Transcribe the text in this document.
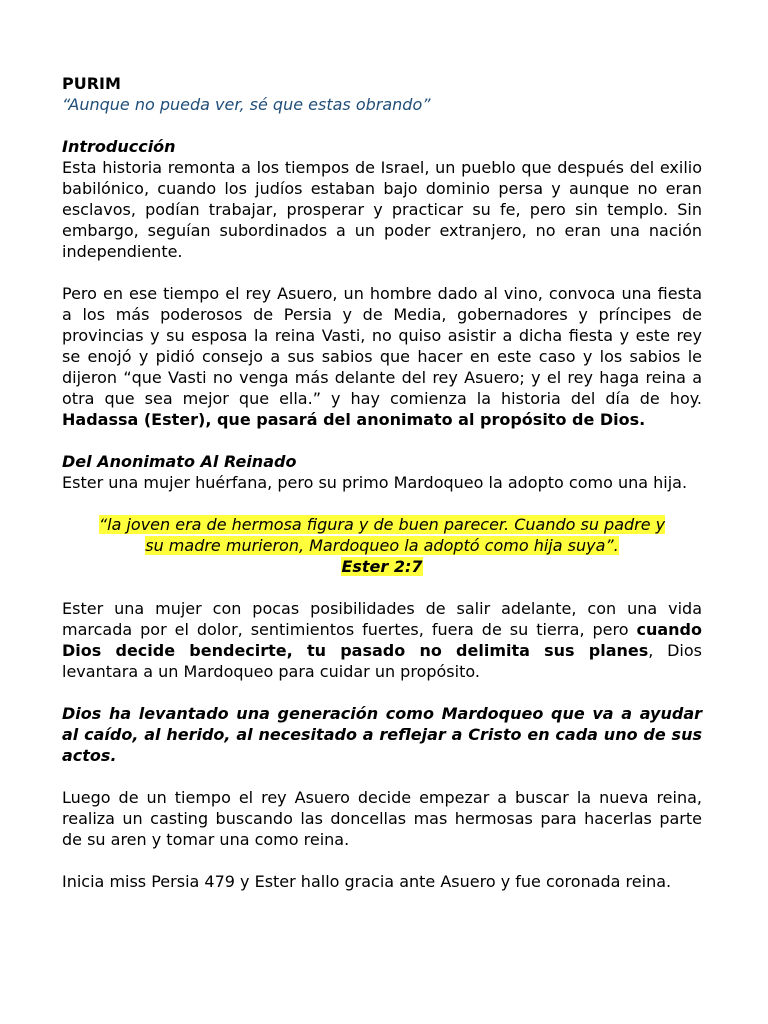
PURIM

“Aunque no pueda ver, sé que estas obrando”

Introducción

Esta historia remonta a los tiempos de Israel, un pueblo que después del exilio babilónico, cuando los judíos estaban bajo dominio persa y aunque no eran esclavos, podían trabajar, prosperar y practicar su fe, pero sin templo. Sin embargo, seguían subordinados a un poder extranjero, no eran una nación independiente.

Pero en ese tiempo el rey Asuero, un hombre dado al vino, convoca una fiesta a los más poderosos de Persia y de Media, gobernadores y príncipes de provincias y su esposa la reina Vasti, no quiso asistir a dicha fiesta y este rey se enojó y pidió consejo a sus sabios que hacer en este caso y los sabios le dijeron “que Vasti no venga más delante del rey Asuero; y el rey haga reina a otra que sea mejor que ella.” y hay comienza la historia del día de hoy. Hadassa (Ester), que pasará del anonimato al propósito de Dios.

Del Anonimato Al Reinado

Ester una mujer huérfana, pero su primo Mardoqueo la adopto como una hija.

“la joven era de hermosa figura y de buen parecer. Cuando su padre y
su madre murieron, Mardoqueo la adoptó como hija suya”.
Ester 2:7

Ester una mujer con pocas posibilidades de salir adelante, con una vida marcada por el dolor, sentimientos fuertes, fuera de su tierra, pero cuando Dios decide bendecirte, tu pasado no delimita sus planes, Dios levantara a un Mardoqueo para cuidar un propósito.

Dios ha levantado una generación como Mardoqueo que va a ayudar al caído, al herido, al necesitado a reflejar a Cristo en cada uno de sus actos.

Luego de un tiempo el rey Asuero decide empezar a buscar la nueva reina, realiza un casting buscando las doncellas mas hermosas para hacerlas parte de su aren y tomar una como reina.

Inicia miss Persia 479 y Ester hallo gracia ante Asuero y fue coronada reina.
